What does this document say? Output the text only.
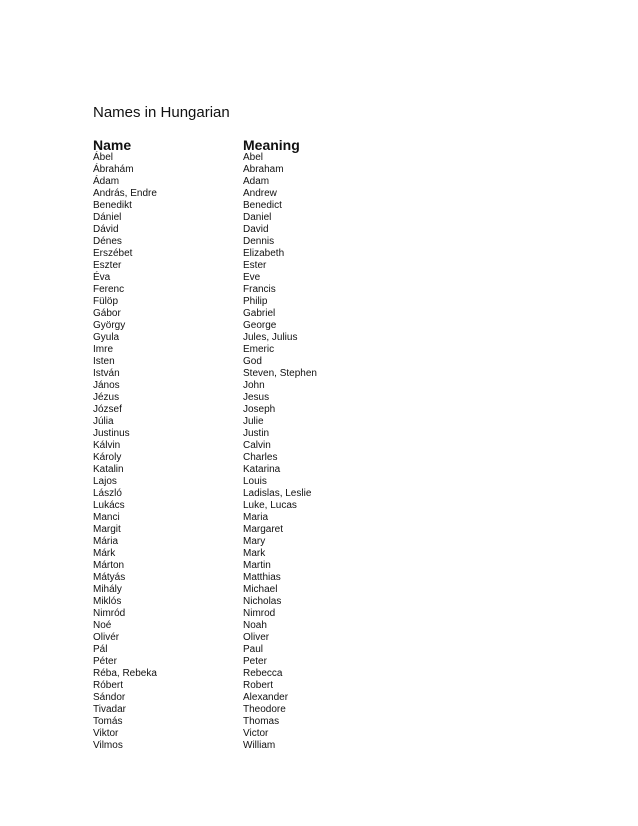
Names in Hungarian
Name	Meaning
Ábel	Abel
Ábrahám	Abraham
Ádam	Adam
András, Endre	Andrew
Benedikt	Benedict
Dániel	Daniel
Dávid	David
Dénes	Dennis
Erszébet	Elizabeth
Eszter	Ester
Éva	Eve
Ferenc	Francis
Fülöp	Philip
Gábor	Gabriel
György	George
Gyula	Jules, Julius
Imre	Emeric
Isten	God
István	Steven, Stephen
János	John
Jézus	Jesus
József	Joseph
Júlia	Julie
Justinus	Justin
Kálvin	Calvin
Károly	Charles
Katalin	Katarina
Lajos	Louis
László	Ladislas, Leslie
Lukács	Luke, Lucas
Manci	Maria
Margit	Margaret
Mária	Mary
Márk	Mark
Márton	Martin
Mátyás	Matthias
Mihály	Michael
Miklós	Nicholas
Nimród	Nimrod
Noé	Noah
Olivér	Oliver
Pál	Paul
Péter	Peter
Réba, Rebeka	Rebecca
Róbert	Robert
Sándor	Alexander
Tivadar	Theodore
Tomás	Thomas
Viktor	Victor
Vilmos	William
